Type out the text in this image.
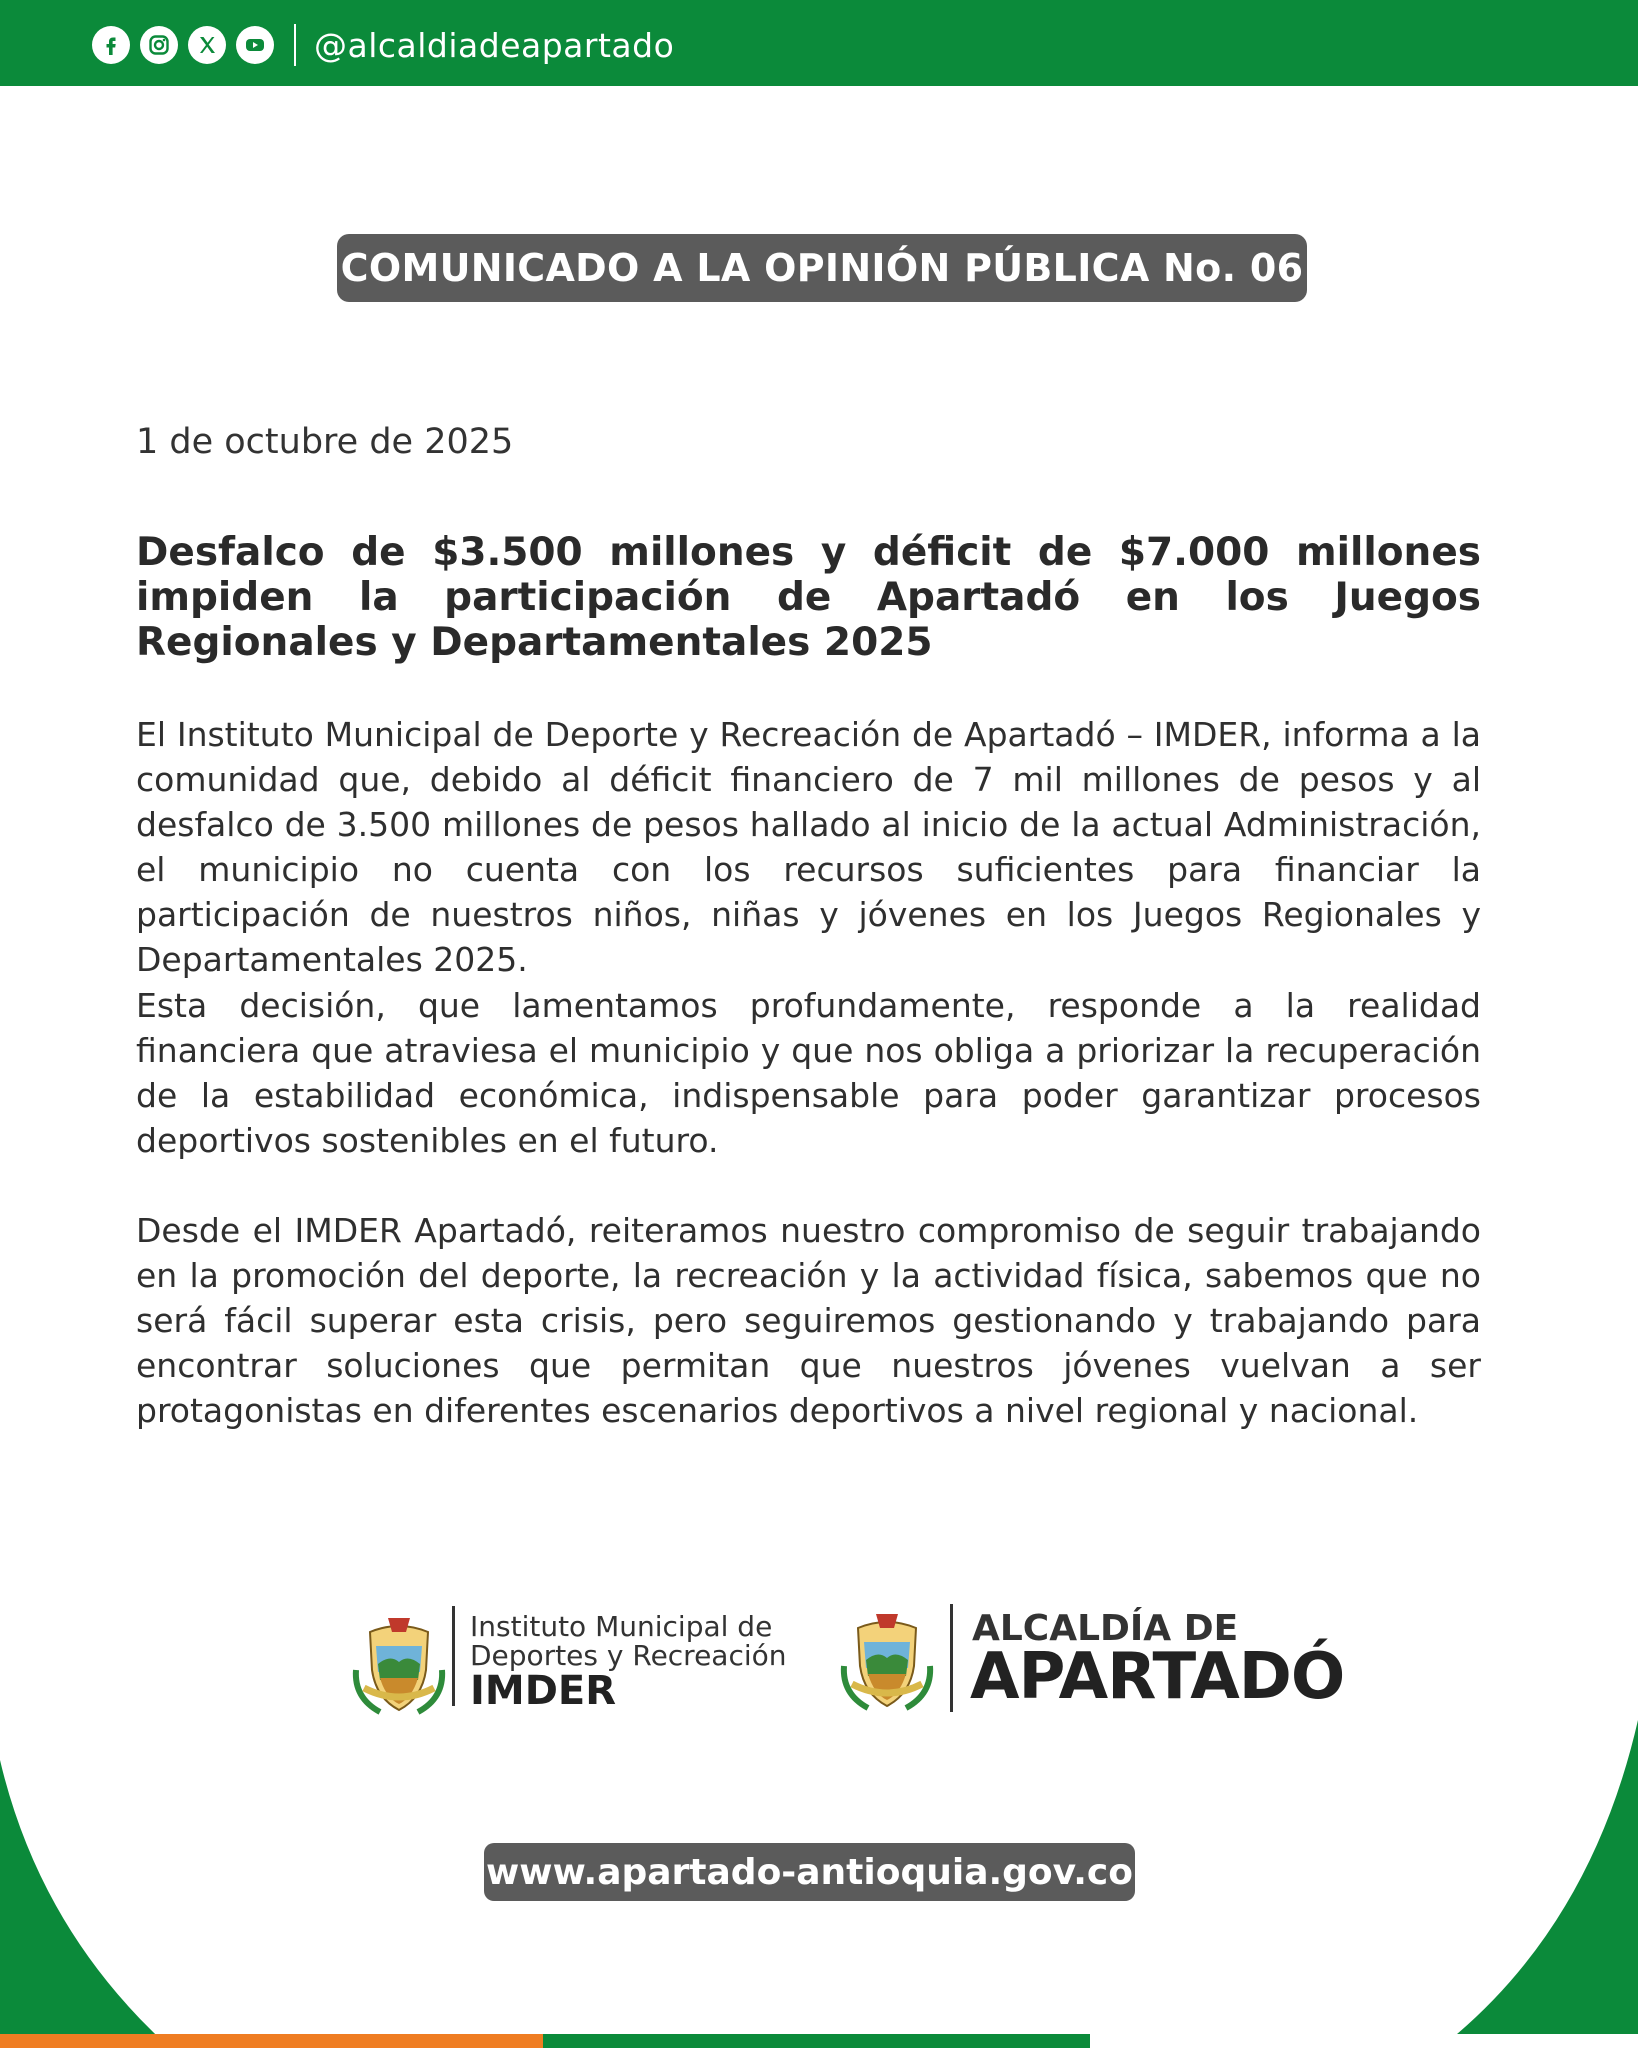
@alcaldiadeapartado
COMUNICADO A LA OPINIÓN PÚBLICA No. 06
1 de octubre de 2025
Desfalco de $3.500 millones y déficit de $7.000 millones impiden la participación de Apartadó en los Juegos Regionales y Departamentales 2025
El Instituto Municipal de Deporte y Recreación de Apartadó – IMDER, informa a la comunidad que, debido al déficit financiero de 7 mil millones de pesos y al desfalco de 3.500 millones de pesos hallado al inicio de la actual Administración, el municipio no cuenta con los recursos suficientes para financiar la participación de nuestros niños, niñas y jóvenes en los Juegos Regionales y Departamentales 2025.
Esta decisión, que lamentamos profundamente, responde a la realidad financiera que atraviesa el municipio y que nos obliga a priorizar la recuperación de la estabilidad económica, indispensable para poder garantizar procesos deportivos sostenibles en el futuro.
Desde el IMDER Apartadó, reiteramos nuestro compromiso de seguir trabajando en la promoción del deporte, la recreación y la actividad física, sabemos que no será fácil superar esta crisis, pero seguiremos gestionando y trabajando para encontrar soluciones que permitan que nuestros jóvenes vuelvan a ser protagonistas en diferentes escenarios deportivos a nivel regional y nacional.
Instituto Municipal de
Deportes y Recreación
IMDER
ALCALDÍA DE
APARTADÓ
www.apartado-antioquia.gov.co
